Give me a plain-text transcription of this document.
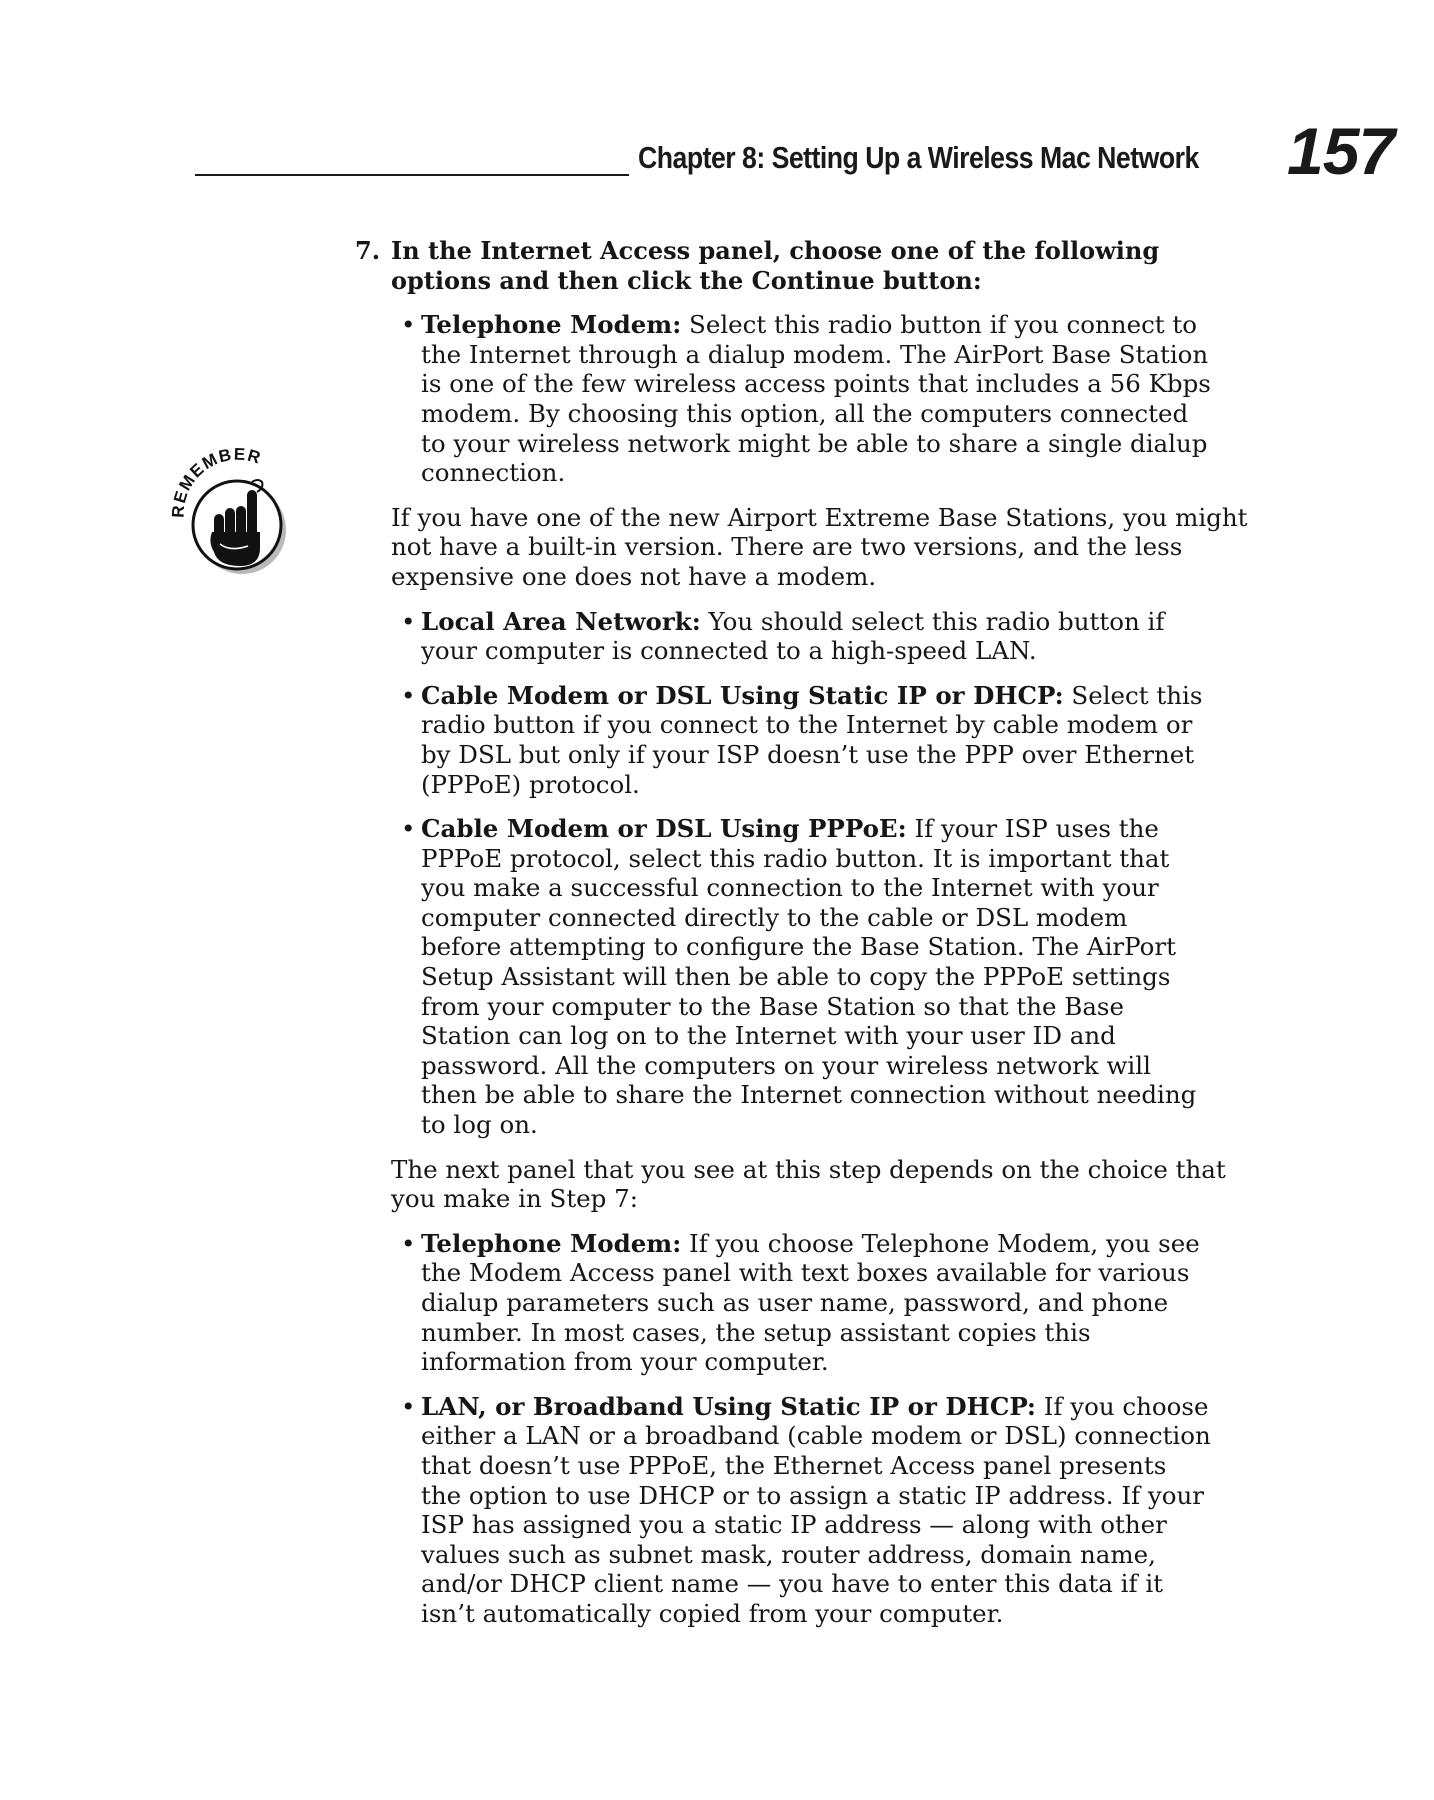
Chapter 8: Setting Up a Wireless Mac Network 157
REMEMBER
7. In the Internet Access panel, choose one of the following options and then click the Continue button:
• Telephone Modem: Select this radio button if you connect to the Internet through a dialup modem. The AirPort Base Station is one of the few wireless access points that includes a 56 Kbps modem. By choosing this option, all the computers connected to your wireless network might be able to share a single dialup connection.

If you have one of the new Airport Extreme Base Stations, you might not have a built-in version. There are two versions, and the less expensive one does not have a modem.

• Local Area Network: You should select this radio button if your computer is connected to a high-speed LAN.
• Cable Modem or DSL Using Static IP or DHCP: Select this radio button if you connect to the Internet by cable modem or by DSL but only if your ISP doesn’t use the PPP over Ethernet (PPPoE) protocol.
• Cable Modem or DSL Using PPPoE: If your ISP uses the PPPoE protocol, select this radio button. It is important that you make a successful connection to the Internet with your computer connected directly to the cable or DSL modem before attempting to configure the Base Station. The AirPort Setup Assistant will then be able to copy the PPPoE settings from your computer to the Base Station so that the Base Station can log on to the Internet with your user ID and password. All the computers on your wireless network will then be able to share the Internet connection without needing to log on.

The next panel that you see at this step depends on the choice that you make in Step 7:

• Telephone Modem: If you choose Telephone Modem, you see the Modem Access panel with text boxes available for various dialup parameters such as user name, password, and phone number. In most cases, the setup assistant copies this information from your computer.
• LAN, or Broadband Using Static IP or DHCP: If you choose either a LAN or a broadband (cable modem or DSL) connection that doesn’t use PPPoE, the Ethernet Access panel presents the option to use DHCP or to assign a static IP address. If your ISP has assigned you a static IP address — along with other values such as subnet mask, router address, domain name, and/or DHCP client name — you have to enter this data if it isn’t automatically copied from your computer.
